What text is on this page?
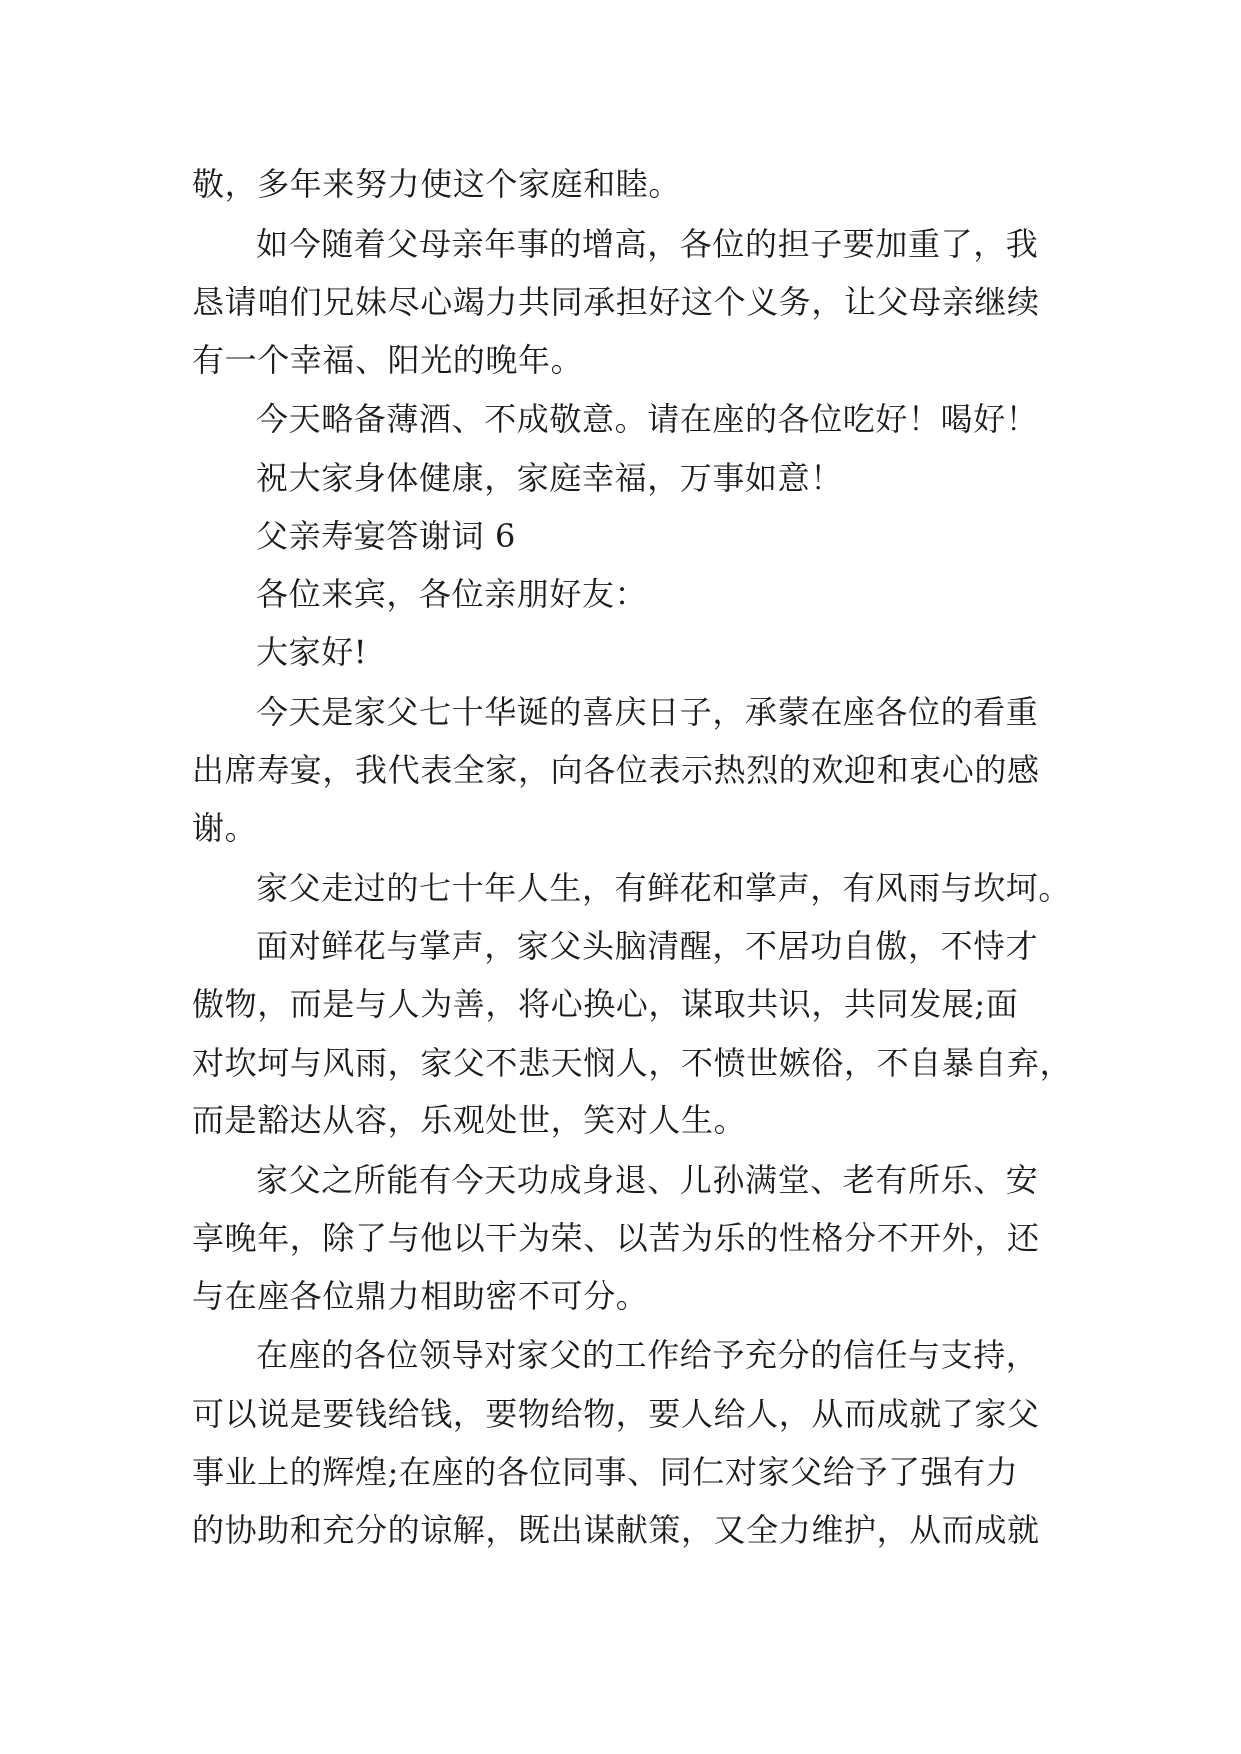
敬，多年来努力使这个家庭和睦。
如今随着父母亲年事的增高，各位的担子要加重了，我
恳请咱们兄妹尽心竭力共同承担好这个义务，让父母亲继续
有一个幸福、阳光的晚年。
今天略备薄酒、不成敬意。请在座的各位吃好！喝好！
祝大家身体健康，家庭幸福，万事如意！
父亲寿宴答谢词 6
各位来宾，各位亲朋好友：
大家好!
今天是家父七十华诞的喜庆日子，承蒙在座各位的看重
出席寿宴，我代表全家，向各位表示热烈的欢迎和衷心的感
谢。
家父走过的七十年人生，有鲜花和掌声，有风雨与坎坷。
面对鲜花与掌声，家父头脑清醒，不居功自傲，不恃才
傲物，而是与人为善，将心换心，谋取共识，共同发展;面
对坎坷与风雨，家父不悲天悯人，不愤世嫉俗，不自暴自弃，
而是豁达从容，乐观处世，笑对人生。
家父之所能有今天功成身退、儿孙满堂、老有所乐、安
享晚年，除了与他以干为荣、以苦为乐的性格分不开外，还
与在座各位鼎力相助密不可分。
在座的各位领导对家父的工作给予充分的信任与支持，
可以说是要钱给钱，要物给物，要人给人，从而成就了家父
事业上的辉煌;在座的各位同事、同仁对家父给予了强有力
的协助和充分的谅解，既出谋献策，又全力维护，从而成就
